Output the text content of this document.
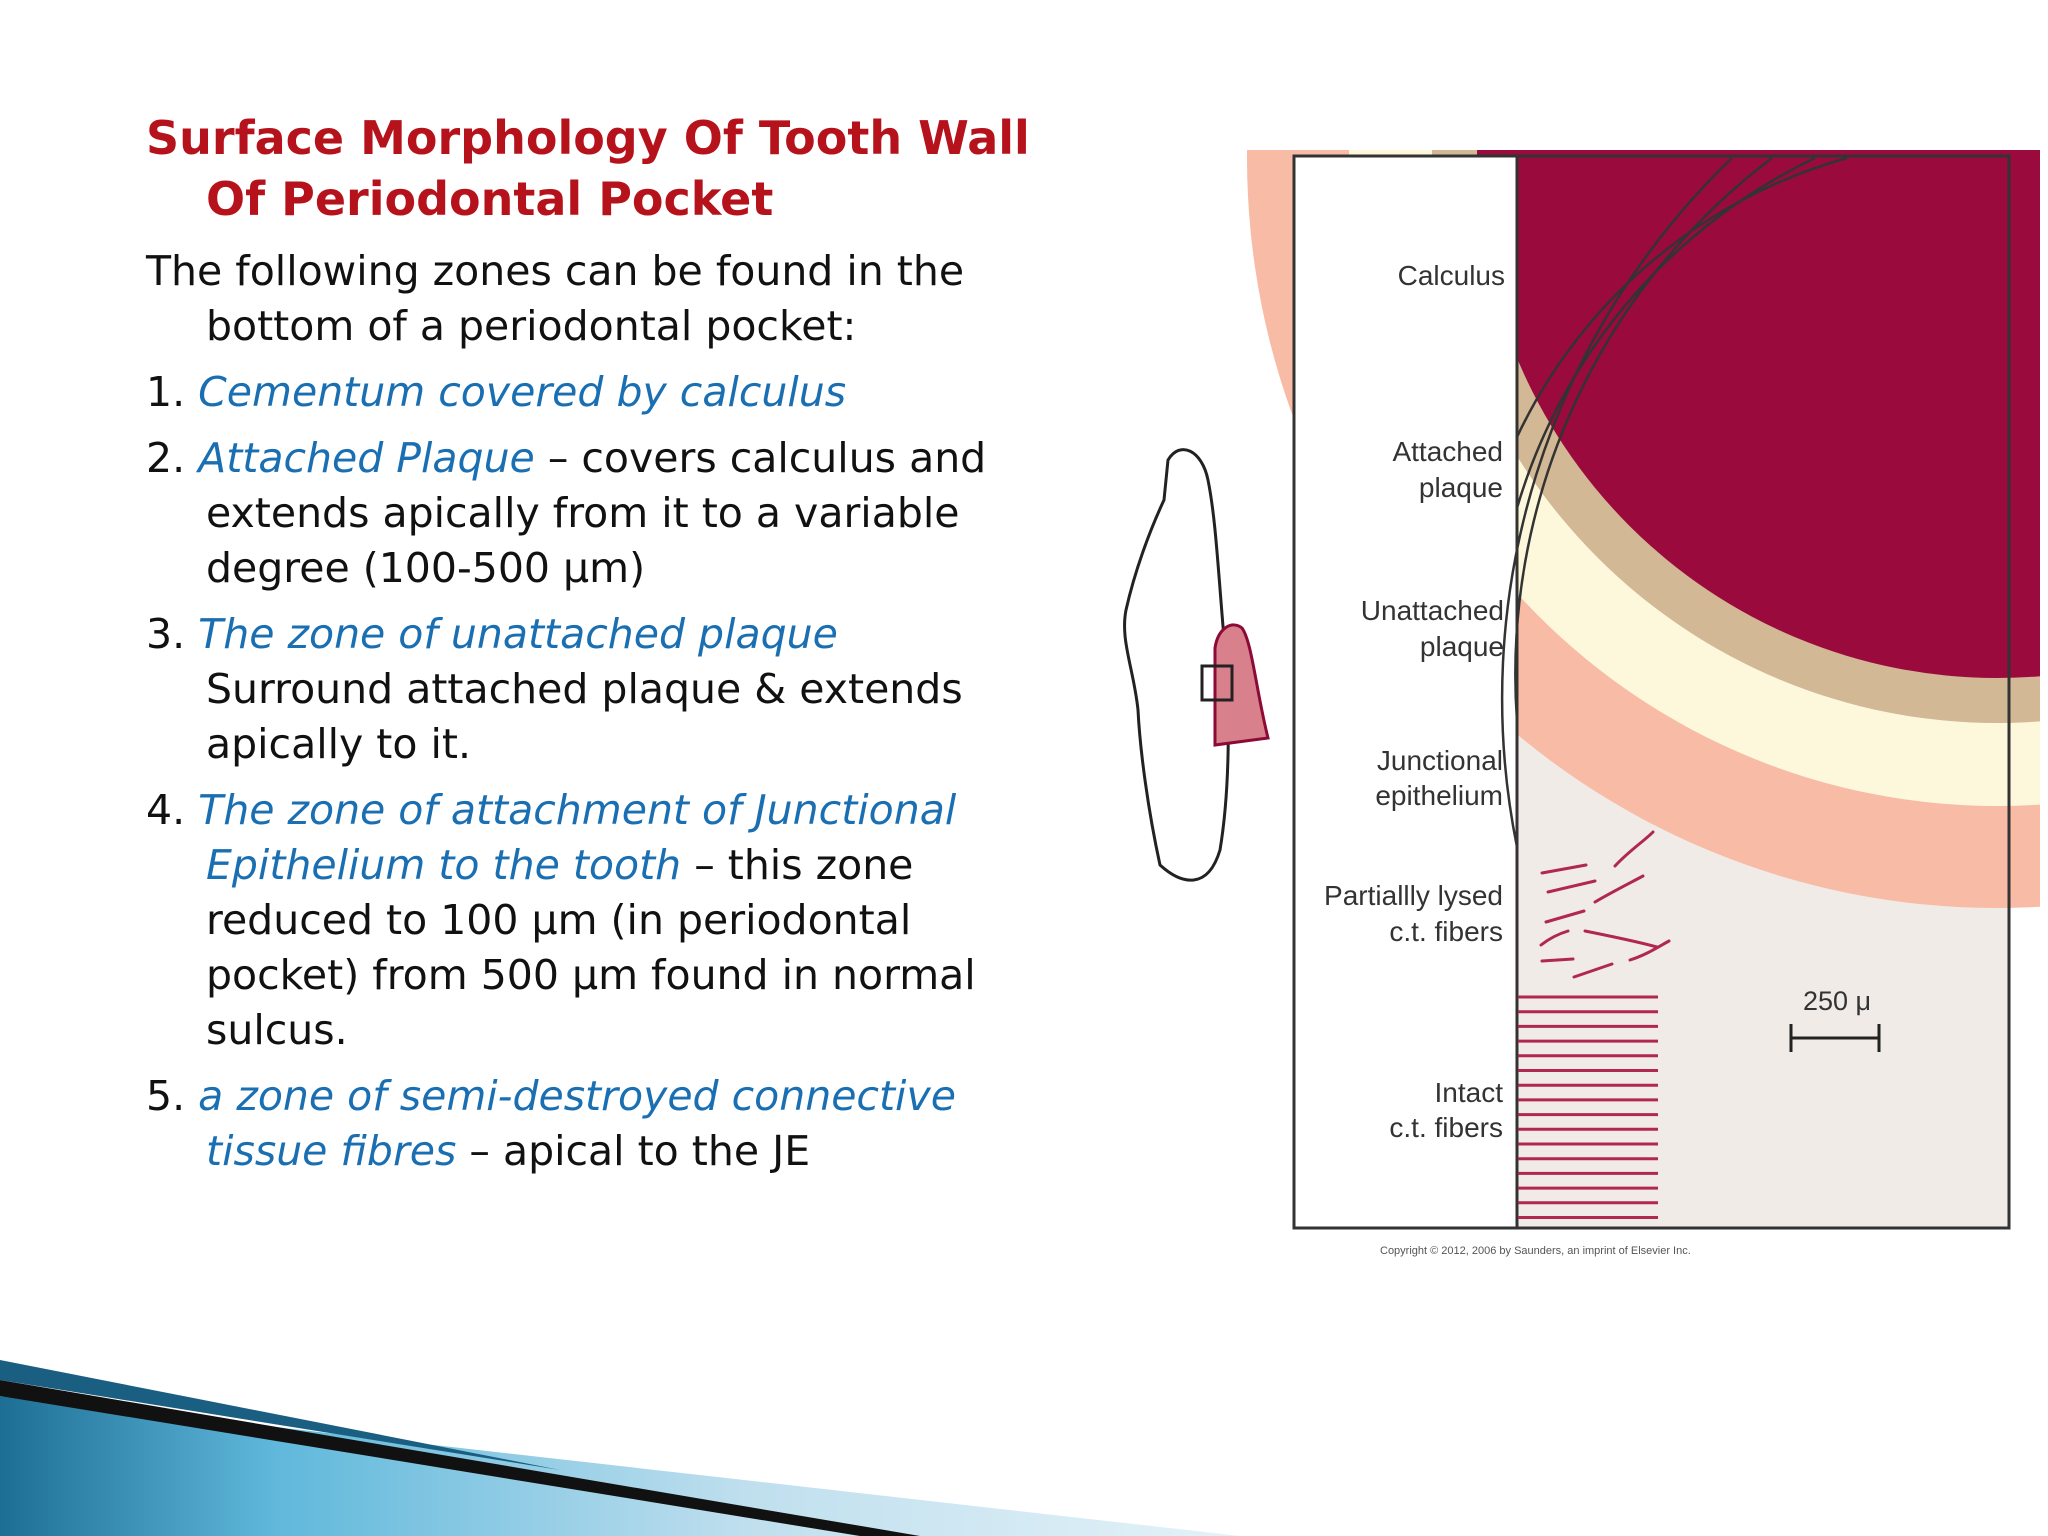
Surface Morphology Of Tooth Wall
Of Periodontal Pocket

The following zones can be found in the
bottom of a periodontal pocket:

1. Cementum covered by calculus

2. Attached Plaque – covers calculus and
extends apically from it to a variable
degree (100-500 μm)

3. The zone of unattached plaque
Surround attached plaque & extends
apically to it.

4. The zone of attachment of Junctional
Epithelium to the tooth – this zone
reduced to 100 μm (in periodontal
pocket) from 500 μm found in normal
sulcus.

5. a zone of semi-destroyed connective
tissue fibres – apical to the JE

Calculus
Attached
plaque
Unattached
plaque
Junctional
epithelium
Partiallly lysed
c.t. fibers
Intact
c.t. fibers
250 μ
Copyright © 2012, 2006 by Saunders, an imprint of Elsevier Inc.
